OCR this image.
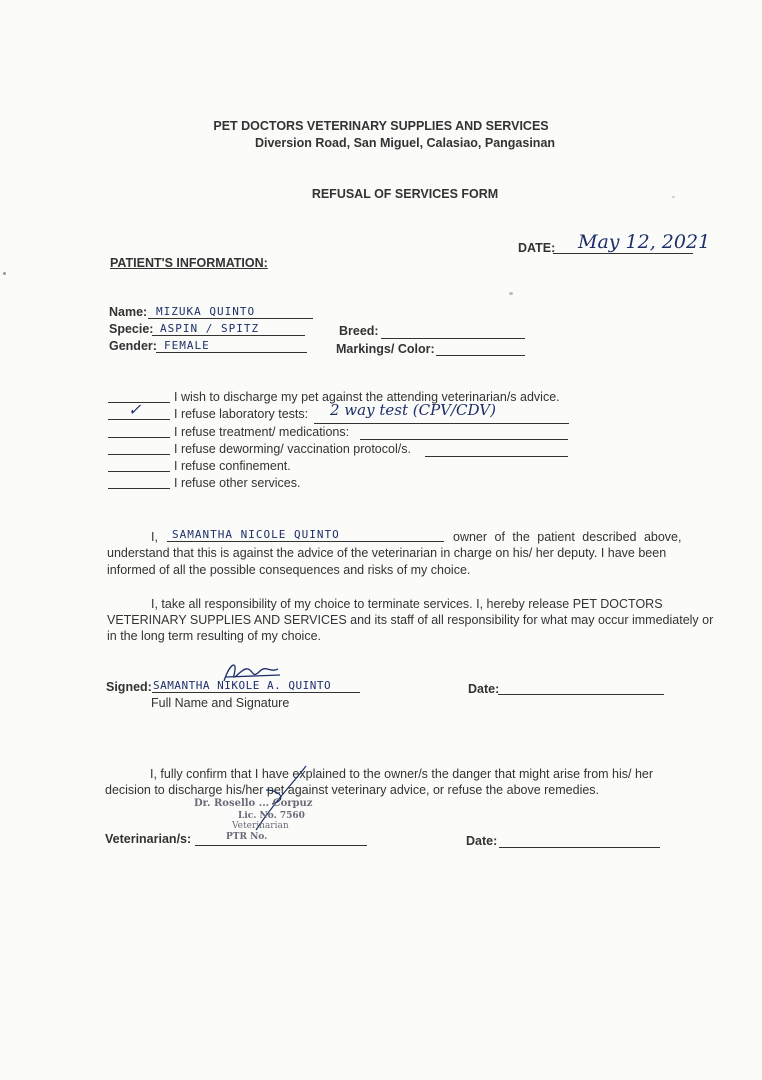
PET DOCTORS VETERINARY SUPPLIES AND SERVICES
Diversion Road, San Miguel, Calasiao, Pangasinan
REFUSAL OF SERVICES FORM
DATE: May 12, 2021
PATIENT'S INFORMATION:
Name: MIZUKA QUINTO
Specie: ASPIN / SPITZ
Gender: FEMALE
Breed:
Markings/ Color:
I wish to discharge my pet against the attending veterinarian/s advice.
✓	I refuse laboratory tests: 2 way test (CPV/CDV)
I refuse treatment/ medications:
I refuse deworming/ vaccination protocol/s.
I refuse confinement.
I refuse other services.
I, SAMANTHA NICOLE QUINTO	owner of the patient described above,
understand that this is against the advice of the veterinarian in charge on his/ her deputy. I have been
informed of all the possible consequences and risks of my choice.
I, take all responsibility of my choice to terminate services. I, hereby release PET DOCTORS
VETERINARY SUPPLIES AND SERVICES and its staff of all responsibility for what may occur immediately or
in the long term resulting of my choice.
Signed: SAMANTHA NIKOLE A. QUINTO
Full Name and Signature
Date:
I, fully confirm that I have explained to the owner/s the danger that might arise from his/ her
decision to discharge his/her pet against veterinary advice, or refuse the above remedies.
Dr. Rosello ... Corpuz
Lic. No. 7560
Veterinarian
PTR No.
Veterinarian/s:	Date:
